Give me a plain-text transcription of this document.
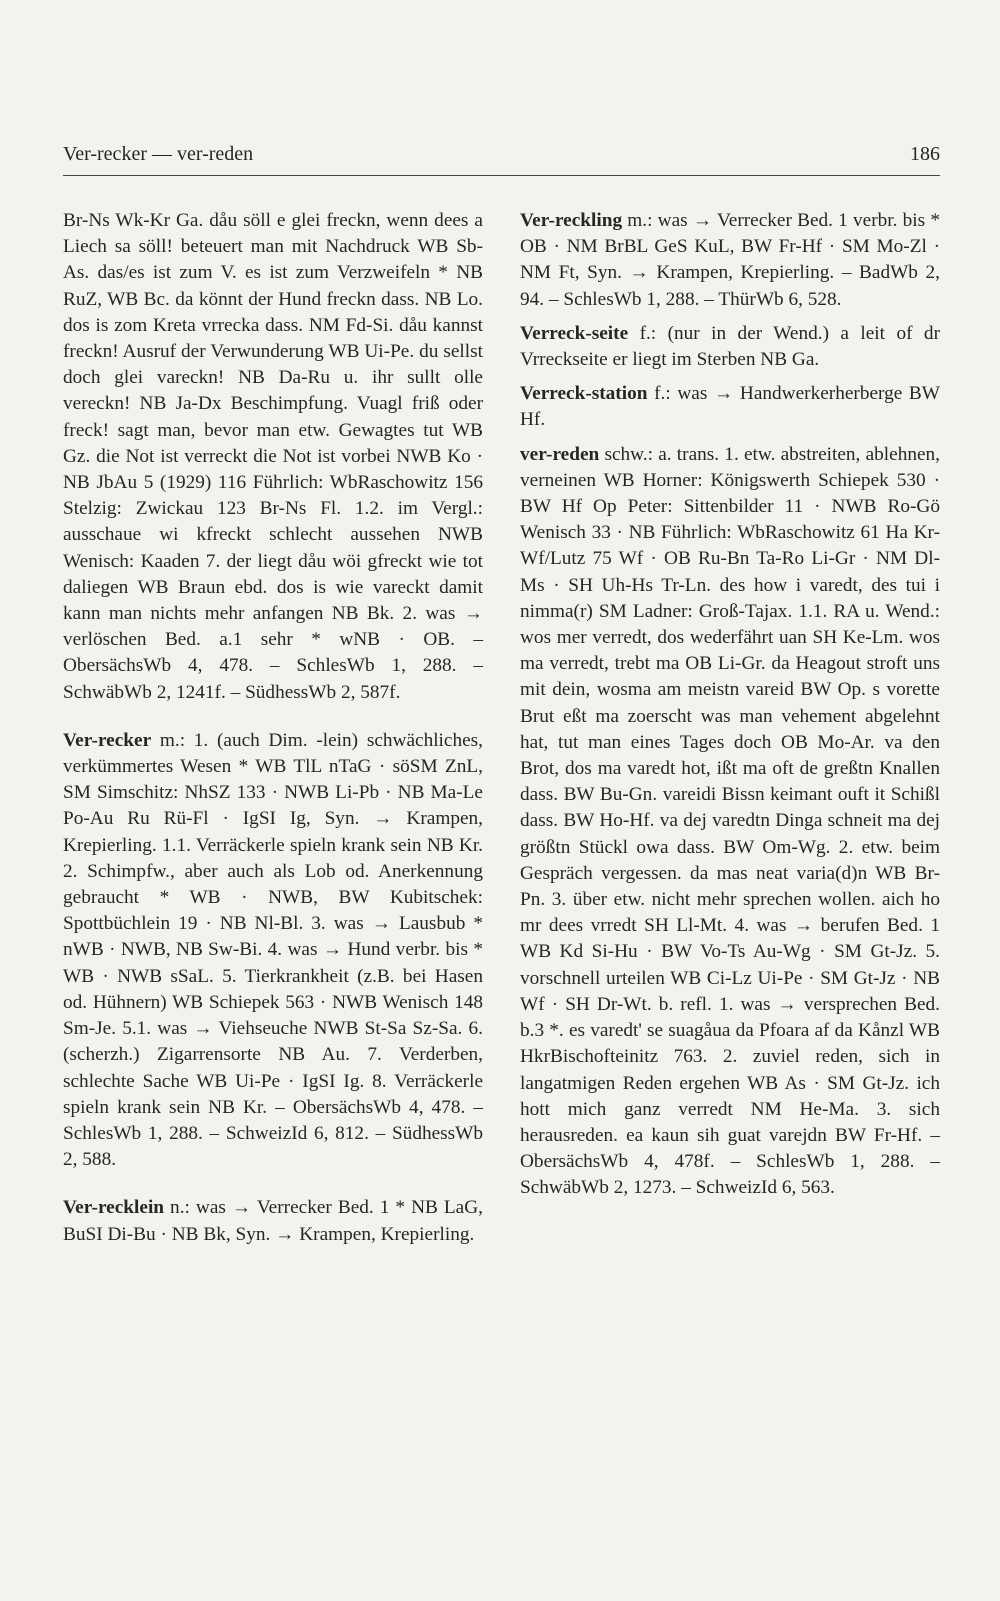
Ver-recker — ver-reden	186

Br-Ns Wk-Kr Ga. dåu söll e glei freckn, wenn dees a Liech sa söll! beteuert man mit Nachdruck WB Sb-As. das/es ist zum V. es ist zum Verzweifeln * NB RuZ, WB Bc. da könnt der Hund freckn dass. NB Lo. dos is zom Kreta vrrecka dass. NM Fd-Si. dåu kannst freckn! Ausruf der Verwunderung WB Ui-Pe. du sellst doch glei vareckn! NB Da-Ru u. ihr sullt olle vereckn! NB Ja-Dx Beschimpfung. Vuagl friß oder freck! sagt man, bevor man etw. Gewagtes tut WB Gz. die Not ist verreckt die Not ist vorbei NWB Ko · NB JbAu 5 (1929) 116 Führlich: WbRaschowitz 156 Stelzig: Zwickau 123 Br-Ns Fl. 1.2. im Vergl.: ausschaue wi kfreckt schlecht aussehen NWB Wenisch: Kaaden 7. der liegt dåu wöi gfreckt wie tot daliegen WB Braun ebd. dos is wie vareckt damit kann man nichts mehr anfangen NB Bk. 2. was → verlöschen Bed. a.1 sehr * wNB · OB. – ObersächsWb 4, 478. – SchlesWb 1, 288. – SchwäbWb 2, 1241f. – SüdhessWb 2, 587f.

Ver-recker m.: 1. (auch Dim. -lein) schwächliches, verkümmertes Wesen * WB TlL nTaG · söSM ZnL, SM Simschitz: NhSZ 133 · NWB Li-Pb · NB Ma-Le Po-Au Ru Rü-Fl · IgSI Ig, Syn. → Krampen, Krepierling. 1.1. Verräckerle spieln krank sein NB Kr. 2. Schimpfw., aber auch als Lob od. Anerkennung gebraucht * WB · NWB, BW Kubitschek: Spottbüchlein 19 · NB Nl-Bl. 3. was → Lausbub * nWB · NWB, NB Sw-Bi. 4. was → Hund verbr. bis * WB · NWB sSaL. 5. Tierkrankheit (z.B. bei Hasen od. Hühnern) WB Schiepek 563 · NWB Wenisch 148 Sm-Je. 5.1. was → Viehseuche NWB St-Sa Sz-Sa. 6. (scherzh.) Zigarrensorte NB Au. 7. Verderben, schlechte Sache WB Ui-Pe · IgSI Ig. 8. Verräckerle spieln krank sein NB Kr. – ObersächsWb 4, 478. – SchlesWb 1, 288. – SchweizId 6, 812. – SüdhessWb 2, 588.

Ver-recklein n.: was → Verrecker Bed. 1 * NB LaG, BuSI Di-Bu · NB Bk, Syn. → Krampen, Krepierling.

Ver-reckling m.: was → Verrecker Bed. 1 verbr. bis * OB · NM BrBL GeS KuL, BW Fr-Hf · SM Mo-Zl · NM Ft, Syn. → Krampen, Krepierling. – BadWb 2, 94. – SchlesWb 1, 288. – ThürWb 6, 528.

Verreck-seite f.: (nur in der Wend.) a leit of dr Vrreckseite er liegt im Sterben NB Ga.

Verreck-station f.: was → Handwerkerherberge BW Hf.

ver-reden schw.: a. trans. 1. etw. abstreiten, ablehnen, verneinen WB Horner: Königswerth Schiepek 530 · BW Hf Op Peter: Sittenbilder 11 · NWB Ro-Gö Wenisch 33 · NB Führlich: WbRaschowitz 61 Ha Kr-Wf/Lutz 75 Wf · OB Ru-Bn Ta-Ro Li-Gr · NM Dl-Ms · SH Uh-Hs Tr-Ln. des how i varedt, des tui i nimma(r) SM Ladner: Groß-Tajax. 1.1. RA u. Wend.: wos mer verredt, dos wederfährt uan SH Ke-Lm. wos ma verredt, trebt ma OB Li-Gr. da Heagout stroft uns mit dein, wosma am meistn vareid BW Op. s vorette Brut eßt ma zoerscht was man vehement abgelehnt hat, tut man eines Tages doch OB Mo-Ar. va den Brot, dos ma varedt hot, ißt ma oft de greßtn Knallen dass. BW Bu-Gn. vareidi Bissn keimant ouft it Schißl dass. BW Ho-Hf. va dej varedtn Dinga schneit ma dej größtn Stückl owa dass. BW Om-Wg. 2. etw. beim Gespräch vergessen. da mas neat varia(d)n WB Br-Pn. 3. über etw. nicht mehr sprechen wollen. aich ho mr dees vrredt SH Ll-Mt. 4. was → berufen Bed. 1 WB Kd Si-Hu · BW Vo-Ts Au-Wg · SM Gt-Jz. 5. vorschnell urteilen WB Ci-Lz Ui-Pe · SM Gt-Jz · NB Wf · SH Dr-Wt. b. refl. 1. was → versprechen Bed. b.3 *. es varedt' se suagåua da Pfoara af da Kånzl WB HkrBischofteinitz 763. 2. zuviel reden, sich in langatmigen Reden ergehen WB As · SM Gt-Jz. ich hott mich ganz verredt NM He-Ma. 3. sich herausreden. ea kaun sih guat varejdn BW Fr-Hf. – ObersächsWb 4, 478f. – SchlesWb 1, 288. – SchwäbWb 2, 1273. – SchweizId 6, 563.
